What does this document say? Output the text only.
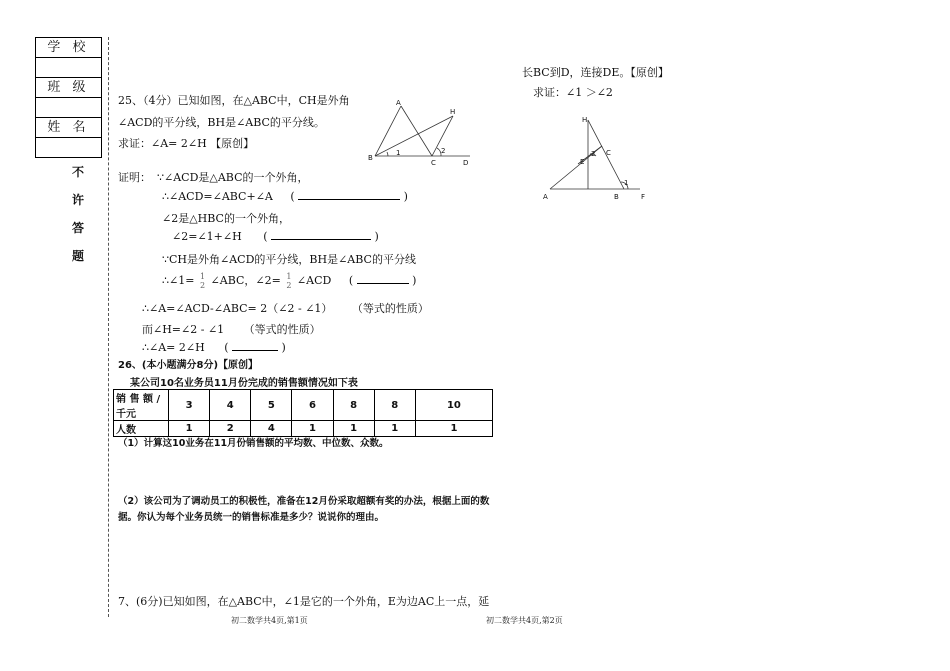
学 校
班 级
姓 名
不
许
答
题
25、（4分）已知如图，在△ABC中，CH是外角
∠ACD的平分线，BH是∠ABC的平分线。
求证：∠A= 2∠H 【原创】
A
B
C	D
H
1	2
证明： ∵∠ACD是△ABC的一个外角，
∴∠ACD=∠ABC+∠A (	)
∠2是△HBC的一个外角，
∠2=∠1+∠H (	)
∵CH是外角∠ACD的平分线，BH是∠ABC的平分线
∴∠1= 1
2 ∠ABC，∠2= 1
2 ∠ACD (	)
∴∠A=∠ACD-∠ABC= 2（∠2 - ∠1） （等式的性质）
而∠H=∠2 - ∠1 （等式的性质）
∴∠A= 2∠H (	)
26、(本小题满分8分)【原创】
某公司10名业务员11月份完成的销售额情况如下表
销 售 额 /
千元	3	4	5	6	8	8	10
人数	1	2	4	1	1	1	1
（1）计算这10业务在11月份销售额的平均数、中位数、众数。
（2）该公司为了调动员工的积极性，准备在12月份采取超额有奖的办法，根据上面的数
据。你认为每个业务员统一的销售标准是多少？说说你的理由。
7、(6分)已知如图，在△ABC中，∠1是它的一个外角，E为边AC上一点，延
长BC到D，连接DE。【原创】
求证：∠1 ＞∠2
H
E
C
A	B	F
2
1
初二数学共4页,第1页	初二数学共4页,第2页
